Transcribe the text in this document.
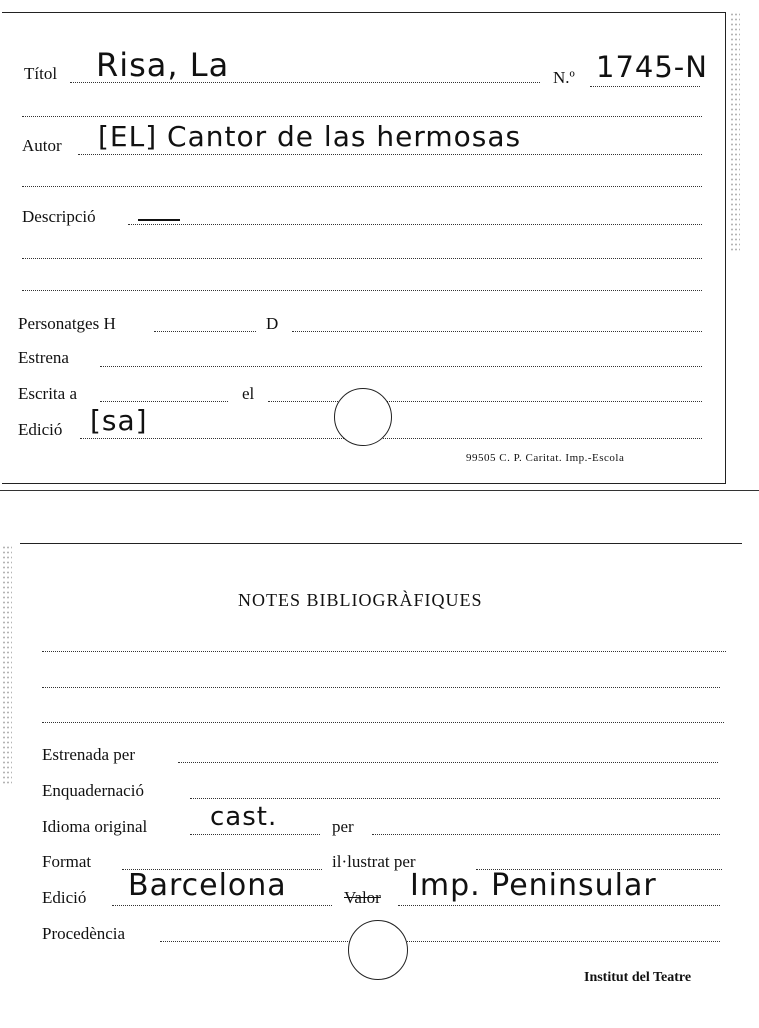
Títol Risa, La	N.º 1745-N
Autor [EL] Cantor de las hermosas
Descripció
Personatges H	D
Estrena
Escrita a	el
Edició [sa]
99505 C. P. Caritat. Imp.-Escola
NOTES BIBLIOGRÀFIQUES
Estrenada per
Enquadernació
Idioma original cast.	per
Format	il·lustrat per
Edició Barcelona	Valor Imp. Peninsular
Procedència
Institut del Teatre
